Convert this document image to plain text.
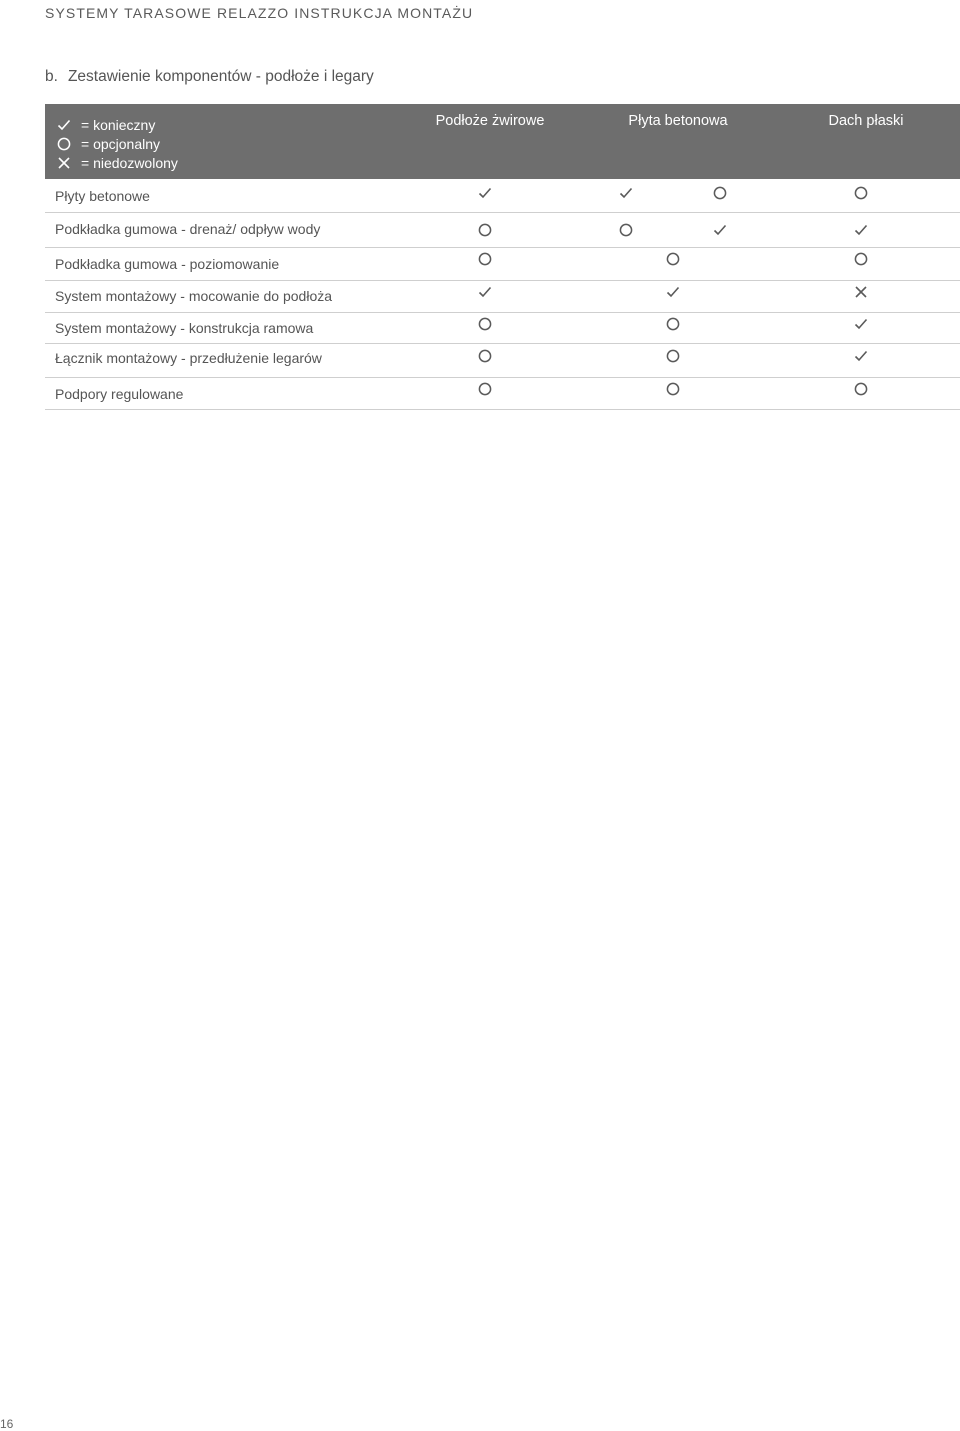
SYSTEMY TARASOWE RELAZZO INSTRUKCJA MONTAŻU
b. Zestawienie komponentów - podłoże i legary
= konieczny
= opcjonalny
= niedozwolony
Podłoże żwirowe	Płyta betonowa	Dach płaski
Płyty betonowe
Podkładka gumowa - drenaż/ odpływ wody
Podkładka gumowa - poziomowanie
System montażowy - mocowanie do podłoża
System montażowy - konstrukcja ramowa
Łącznik montażowy - przedłużenie legarów
Podpory regulowane
16
